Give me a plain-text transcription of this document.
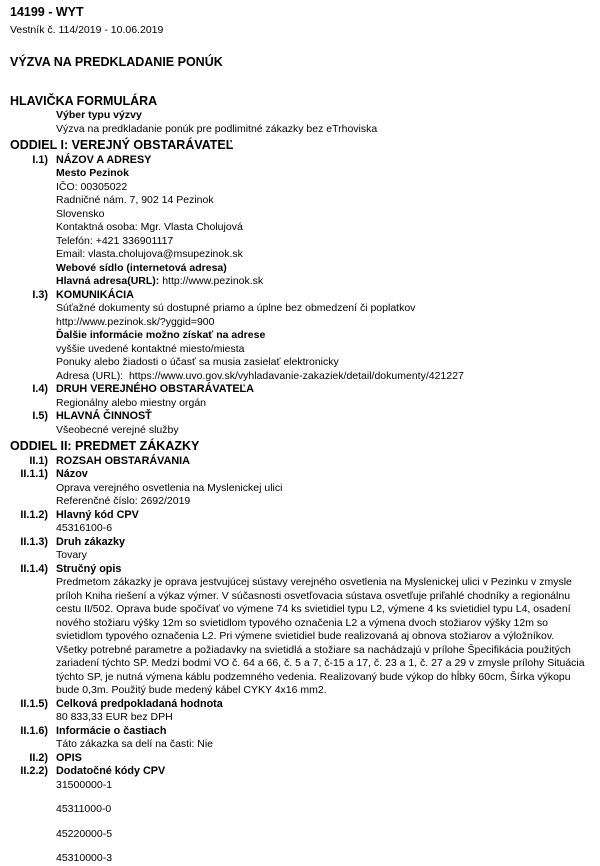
14199 - WYT
Vestník č. 114/2019 - 10.06.2019
VÝZVA NA PREDKLADANIE PONÚK
HLAVIČKA FORMULÁRA
Výber typu výzvy
Výzva na predkladanie ponúk pre podlimitné zákazky bez eTrhoviska
ODDIEL I: VEREJNÝ OBSTARÁVATEĽ
I.1) NÁZOV A ADRESY
Mesto Pezinok
IČO: 00305022
Radničné nám. 7, 902 14 Pezinok
Slovensko
Kontaktná osoba: Mgr. Vlasta Cholujová
Telefón: +421 336901117
Email: vlasta.cholujova@msupezinok.sk
Webové sídlo (internetová adresa)
Hlavná adresa(URL): http://www.pezinok.sk
I.3) KOMUNIKÁCIA
Súťažné dokumenty sú dostupné priamo a úplne bez obmedzení či poplatkov
http://www.pezinok.sk/?yggid=900
Ďalšie informácie možno získať na adrese
vyššie uvedené kontaktné miesto/miesta
Ponuky alebo žiadosti o účasť sa musia zasielať elektronicky
Adresa (URL): https://www.uvo.gov.sk/vyhladavanie-zakaziek/detail/dokumenty/421227
I.4) DRUH VEREJNÉHO OBSTARÁVATEĽA
Regionálny alebo miestny orgán
I.5) HLAVNÁ ČINNOSŤ
Všeobecné verejné služby
ODDIEL II: PREDMET ZÁKAZKY
II.1) ROZSAH OBSTARÁVANIA
II.1.1) Názov
Oprava verejného osvetlenia na Myslenickej ulici
Referenčné číslo: 2692/2019
II.1.2) Hlavný kód CPV
45316100-6
II.1.3) Druh zákazky
Tovary
II.1.4) Stručný opis
Predmetom zákazky je oprava jestvujúcej sústavy verejného osvetlenia na Myslenickej ulici v Pezinku v zmysle príloh Kniha riešení a výkaz výmer. V súčasnosti osvetľovacia sústava osvetľuje priľahlé chodníky a regionálnu cestu II/502. Oprava bude spočívať vo výmene 74 ks svietidiel typu L2, výmene 4 ks svietidiel typu L4, osadení nového stožiaru výšky 12m so svietidlom typového označenia L2 a výmena dvoch stožiarov výšky 12m so svietidlom typového označenia L2. Pri výmene svietidiel bude realizovaná aj obnova stožiarov a výložníkov. Všetky potrebné parametre a požiadavky na svietidlá a stožiare sa nachádzajú v prílohe Špecifikácia použitých zariadení týchto SP. Medzi bodmi VO č. 64 a 66, č. 5 a 7, č-15 a 17, č. 23 a 1, č. 27 a 29 v zmysle prílohy Situácia týchto SP, je nutná výmena káblu podzemného vedenia. Realizovaný bude výkop do hĺbky 60cm, Šírka výkopu bude 0,3m. Použitý bude medený kábel CYKY 4x16 mm2.
II.1.5) Celková predpokladaná hodnota
80 833,33 EUR bez DPH
II.1.6) Informácie o častiach
Táto zákazka sa delí na časti: Nie
II.2) OPIS
II.2.2) Dodatočné kódy CPV
31500000-1
45311000-0
45220000-5
45310000-3
